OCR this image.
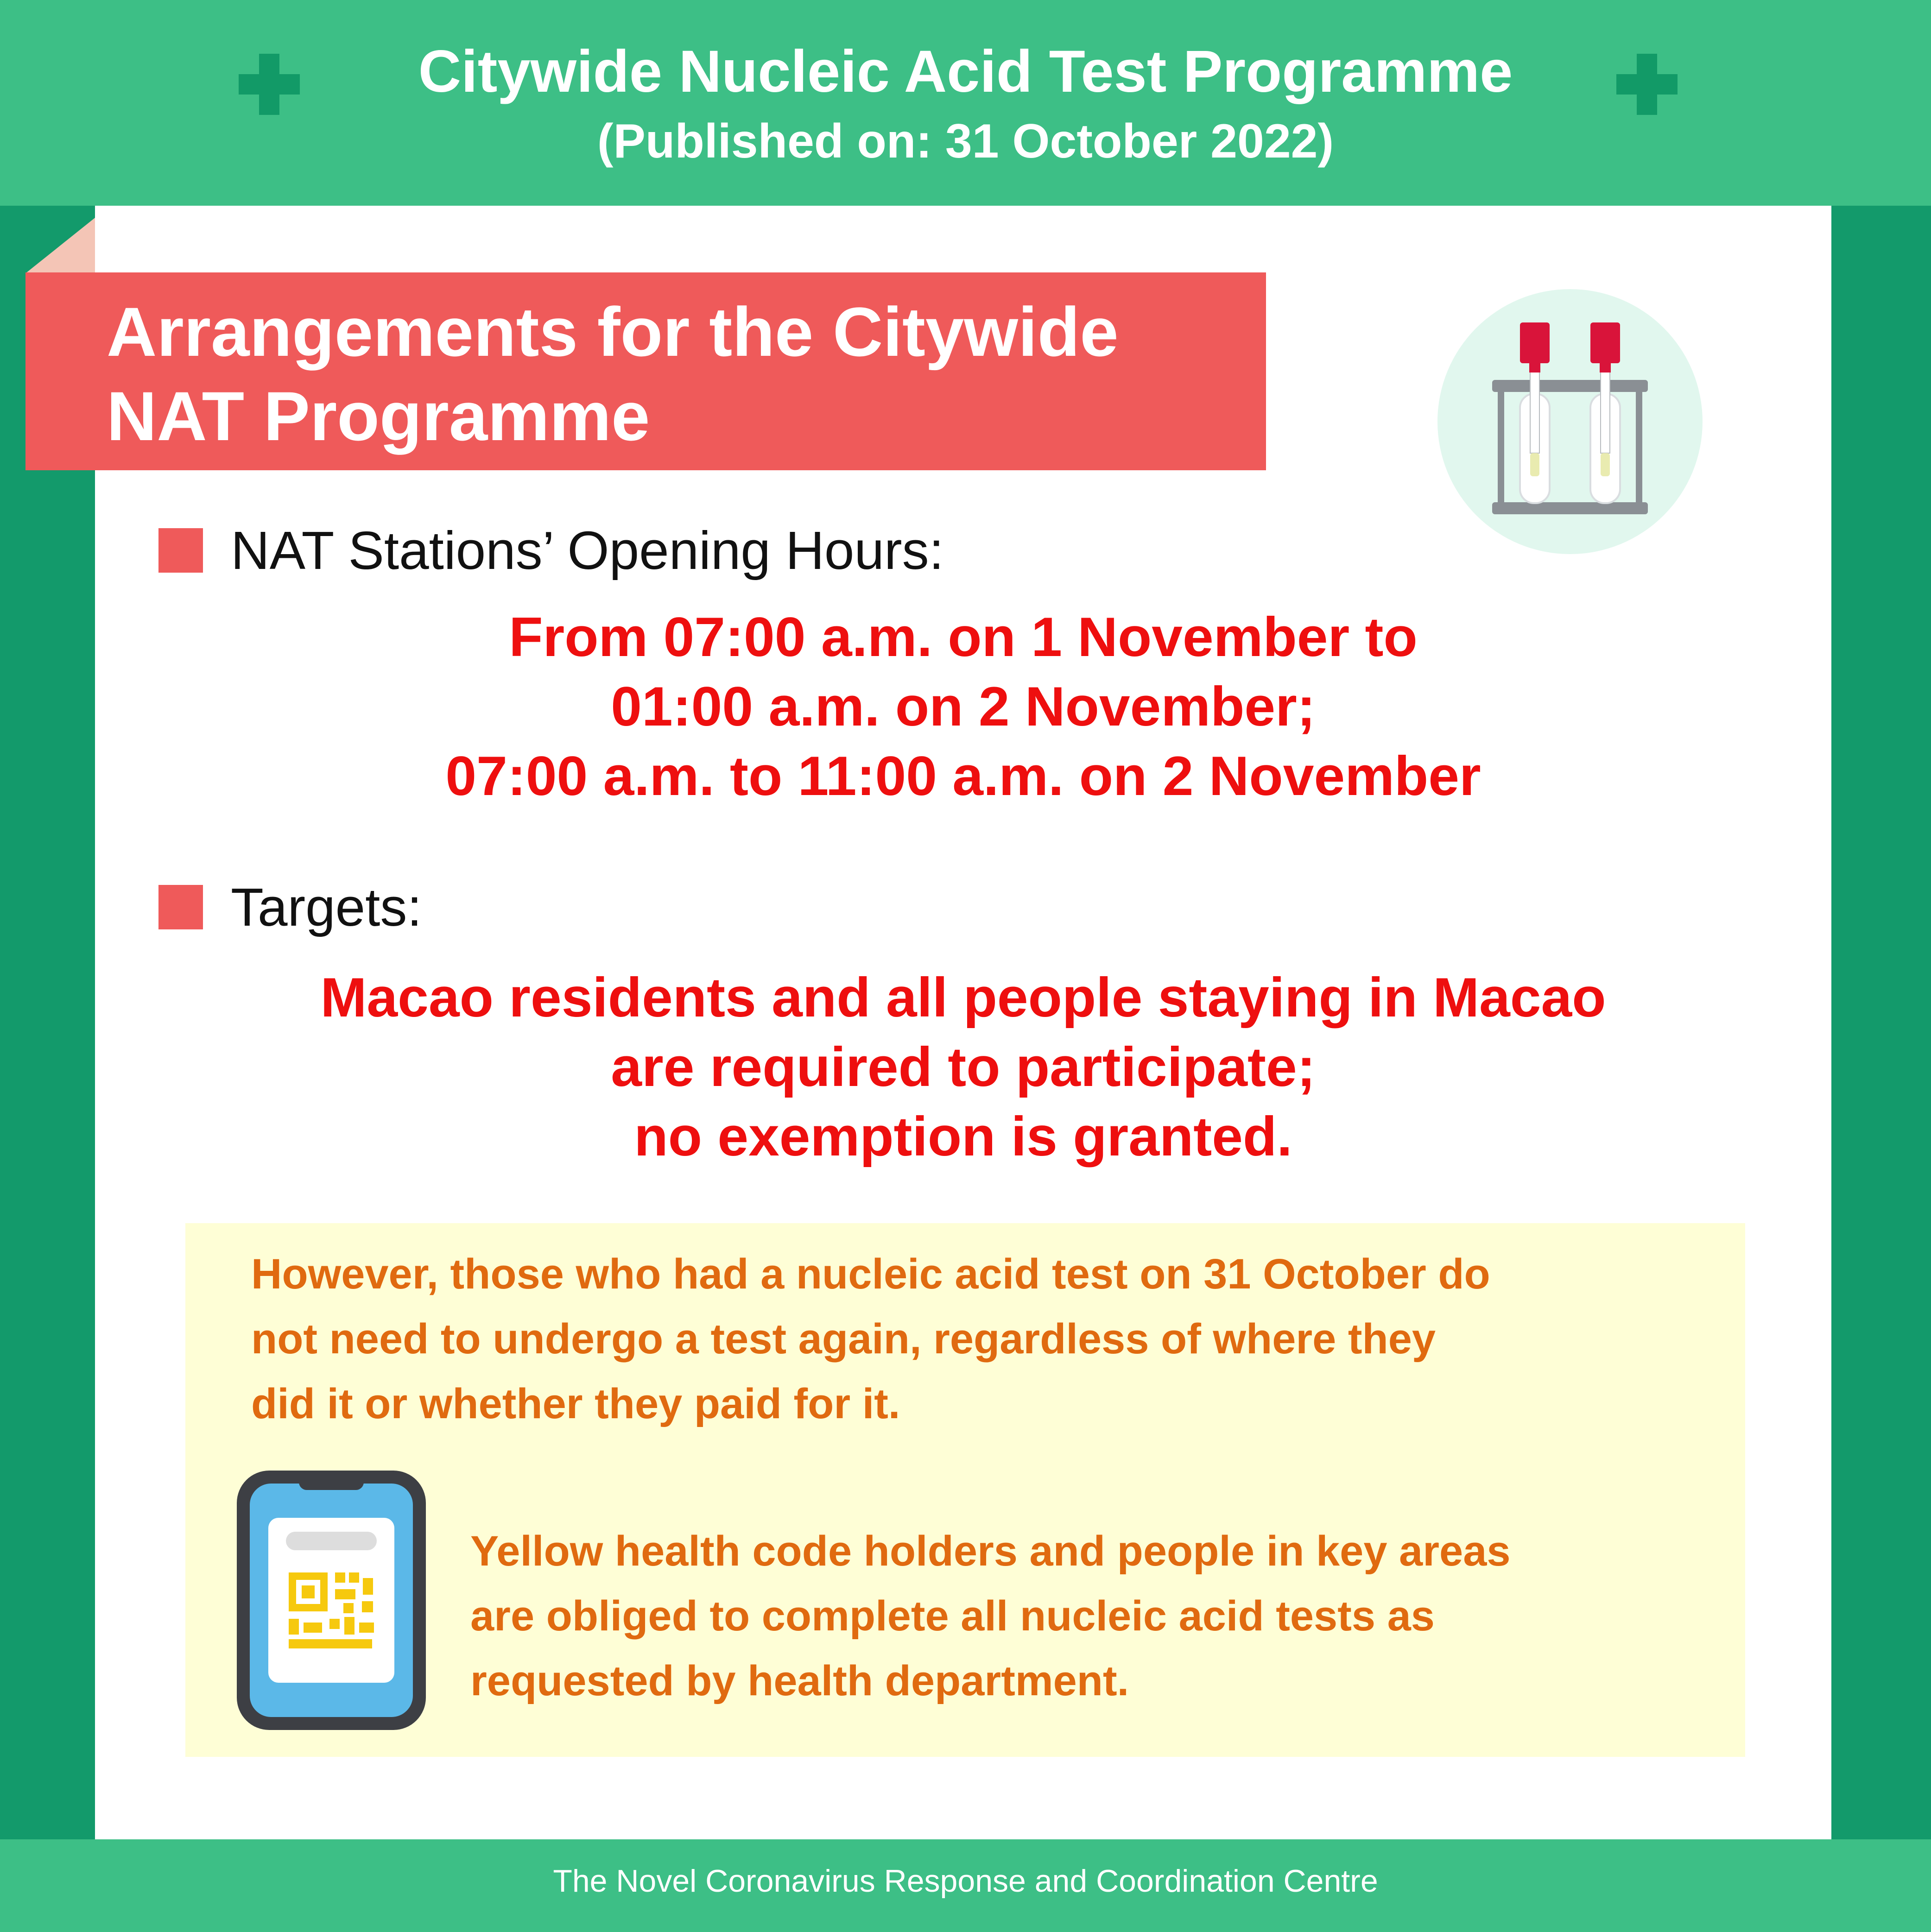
Citywide Nucleic Acid Test Programme
(Published on: 31 October 2022)
Arrangements for the Citywide
NAT Programme
NAT Stations’ Opening Hours:
From 07:00 a.m. on 1 November to
01:00 a.m. on 2 November;
07:00 a.m. to 11:00 a.m. on 2 November
Targets:
Macao residents and all people staying in Macao
are required to participate;
no exemption is granted.
However, those who had a nucleic acid test on 31 October do
not need to undergo a test again, regardless of where they
did it or whether they paid for it.
Yellow health code holders and people in key areas
are obliged to complete all nucleic acid tests as
requested by health department.
The Novel Coronavirus Response and Coordination Centre
